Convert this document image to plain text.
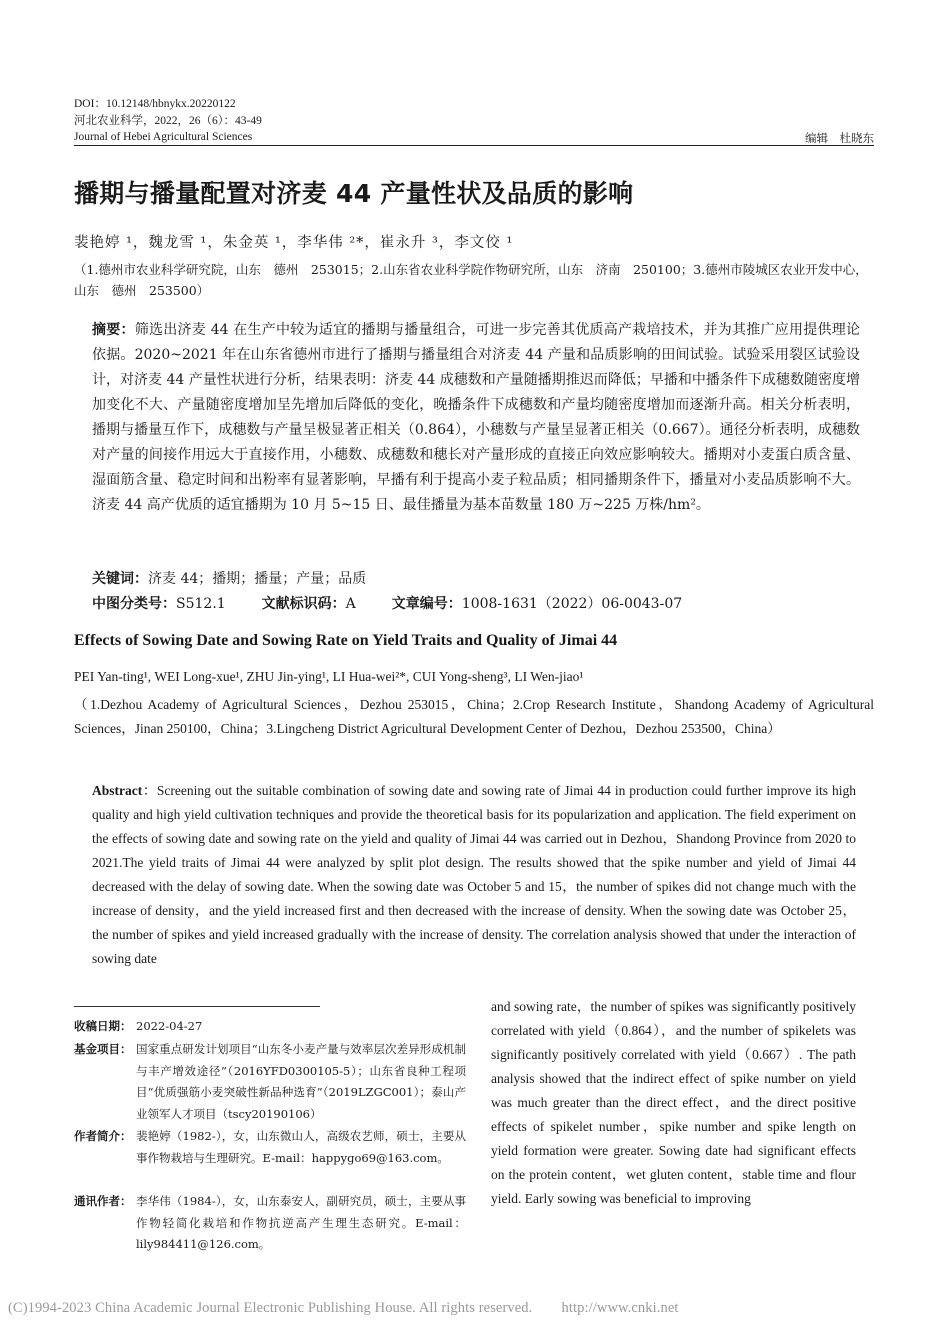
DOI：10.12148/hbnykx.20220122
河北农业科学，2022，26（6）：43-49
Journal of Hebei Agricultural Sciences	编辑　杜晓东
播期与播量配置对济麦 44 产量性状及品质的影响
裴艳婷 ¹，魏龙雪 ¹，朱金英 ¹，李华伟 ²*，崔永升 ³，李文佼 ¹
（1.德州市农业科学研究院，山东　德州　253015；2.山东省农业科学院作物研究所，山东　济南　250100；3.德州市陵城区农业开发中心，山东　德州　253500）
摘要：筛选出济麦 44 在生产中较为适宜的播期与播量组合，可进一步完善其优质高产栽培技术，并为其推广应用提供理论依据。2020~2021 年在山东省德州市进行了播期与播量组合对济麦 44 产量和品质影响的田间试验。试验采用裂区试验设计，对济麦 44 产量性状进行分析，结果表明：济麦 44 成穗数和产量随播期推迟而降低；早播和中播条件下成穗数随密度增加变化不大、产量随密度增加呈先增加后降低的变化，晚播条件下成穗数和产量均随密度增加而逐渐升高。相关分析表明，播期与播量互作下，成穗数与产量呈极显著正相关（0.864），小穗数与产量呈显著正相关（0.667）。通径分析表明，成穗数对产量的间接作用远大于直接作用，小穗数、成穗数和穗长对产量形成的直接正向效应影响较大。播期对小麦蛋白质含量、湿面筋含量、稳定时间和出粉率有显著影响，早播有利于提高小麦子粒品质；相同播期条件下，播量对小麦品质影响不大。济麦 44 高产优质的适宜播期为 10 月 5~15 日、最佳播量为基本苗数量 180 万~225 万株/hm²。
关键词：济麦 44；播期；播量；产量；品质
中图分类号：S512.1	文献标识码：A	文章编号：1008-1631（2022）06-0043-07
Effects of Sowing Date and Sowing Rate on Yield Traits and Quality of Jimai 44
PEI Yan-ting¹, WEI Long-xue¹, ZHU Jin-ying¹, LI Hua-wei²*, CUI Yong-sheng³, LI Wen-jiao¹
（1.Dezhou Academy of Agricultural Sciences，Dezhou 253015，China；2.Crop Research Institute，Shandong Academy of Agricultural Sciences，Jinan 250100，China；3.Lingcheng District Agricultural Development Center of Dezhou，Dezhou 253500，China）
Abstract：Screening out the suitable combination of sowing date and sowing rate of Jimai 44 in production could further improve its high quality and high yield cultivation techniques and provide the theoretical basis for its popularization and application. The field experiment on the effects of sowing date and sowing rate on the yield and quality of Jimai 44 was carried out in Dezhou，Shandong Province from 2020 to 2021.The yield traits of Jimai 44 were analyzed by split plot design. The results showed that the spike number and yield of Jimai 44 decreased with the delay of sowing date. When the sowing date was October 5 and 15，the number of spikes did not change much with the increase of density，and the yield increased first and then decreased with the increase of density. When the sowing date was October 25，the number of spikes and yield increased gradually with the increase of density. The correlation analysis showed that under the interaction of sowing date
and sowing rate，the number of spikes was significantly positively correlated with yield（0.864），and the number of spikelets was significantly positively correlated with yield（0.667）. The path analysis showed that the indirect effect of spike number on yield was much greater than the direct effect，and the direct positive effects of spikelet number，spike number and spike length on yield formation were greater. Sowing date had significant effects on the protein content，wet gluten content，stable time and flour yield. Early sowing was beneficial to improving
收稿日期： 2022-04-27
基金项目： 国家重点研发计划项目“山东冬小麦产量与效率层次差异形成机制与丰产增效途径”（2016YFD0300105-5）；山东省良种工程项目“优质强筋小麦突破性新品种选育”（2019LZGC001）；泰山产业领军人才项目（tscy20190106）
作者简介： 裴艳婷（1982-），女，山东微山人，高级农艺师，硕士，主要从事作物栽培与生理研究。E-mail：happygo69@163.com。
通讯作者： 李华伟（1984-），女，山东泰安人，副研究员，硕士，主要从事作物轻简化栽培和作物抗逆高产生理生态研究。E-mail：lily984411@126.com。
(C)1994-2023 China Academic Journal Electronic Publishing House. All rights reserved.　　http://www.cnki.net
